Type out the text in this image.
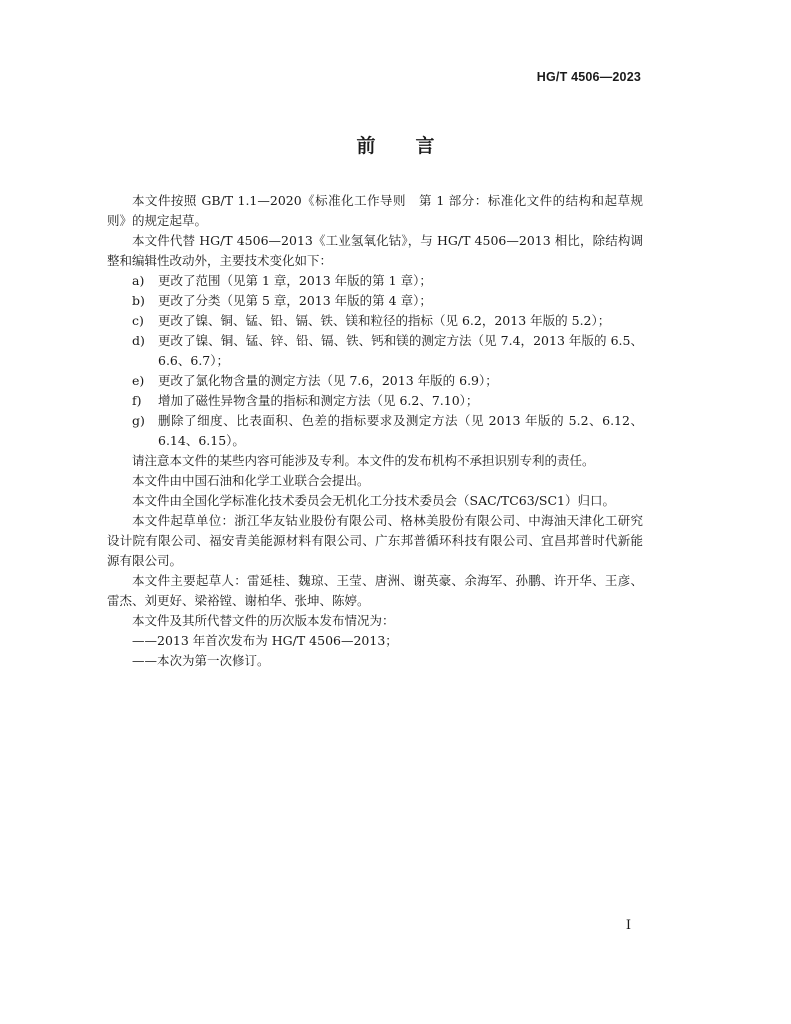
HG/T 4506—2023
前 言

本文件按照 GB/T 1.1—2020《标准化工作导则　第 1 部分：标准化文件的结构和起草规则》的规定起草。

本文件代替 HG/T 4506—2013《工业氢氧化钴》，与 HG/T 4506—2013 相比，除结构调整和编辑性改动外，主要技术变化如下：

a)	更改了范围（见第 1 章，2013 年版的第 1 章）；
b)	更改了分类（见第 5 章，2013 年版的第 4 章）；
c)	更改了镍、铜、锰、铅、镉、铁、镁和粒径的指标（见 6.2，2013 年版的 5.2）；
d)	更改了镍、铜、锰、锌、铅、镉、铁、钙和镁的测定方法（见 7.4，2013 年版的 6.5、6.6、6.7）；
e)	更改了氯化物含量的测定方法（见 7.6，2013 年版的 6.9）；
f)	增加了磁性异物含量的指标和测定方法（见 6.2、7.10）；
g)	删除了细度、比表面积、色差的指标要求及测定方法（见 2013 年版的 5.2、6.12、6.14、6.15）。

请注意本文件的某些内容可能涉及专利。本文件的发布机构不承担识别专利的责任。

本文件由中国石油和化学工业联合会提出。

本文件由全国化学标准化技术委员会无机化工分技术委员会（SAC/TC63/SC1）归口。

本文件起草单位：浙江华友钴业股份有限公司、格林美股份有限公司、中海油天津化工研究设计院有限公司、福安青美能源材料有限公司、广东邦普循环科技有限公司、宜昌邦普时代新能源有限公司。

本文件主要起草人：雷延桂、魏琼、王莹、唐洲、谢英豪、余海军、孙鹏、许开华、王彦、雷杰、刘更好、梁裕镗、谢柏华、张坤、陈婷。

本文件及其所代替文件的历次版本发布情况为：

——2013 年首次发布为 HG/T 4506—2013；

——本次为第一次修订。

I
